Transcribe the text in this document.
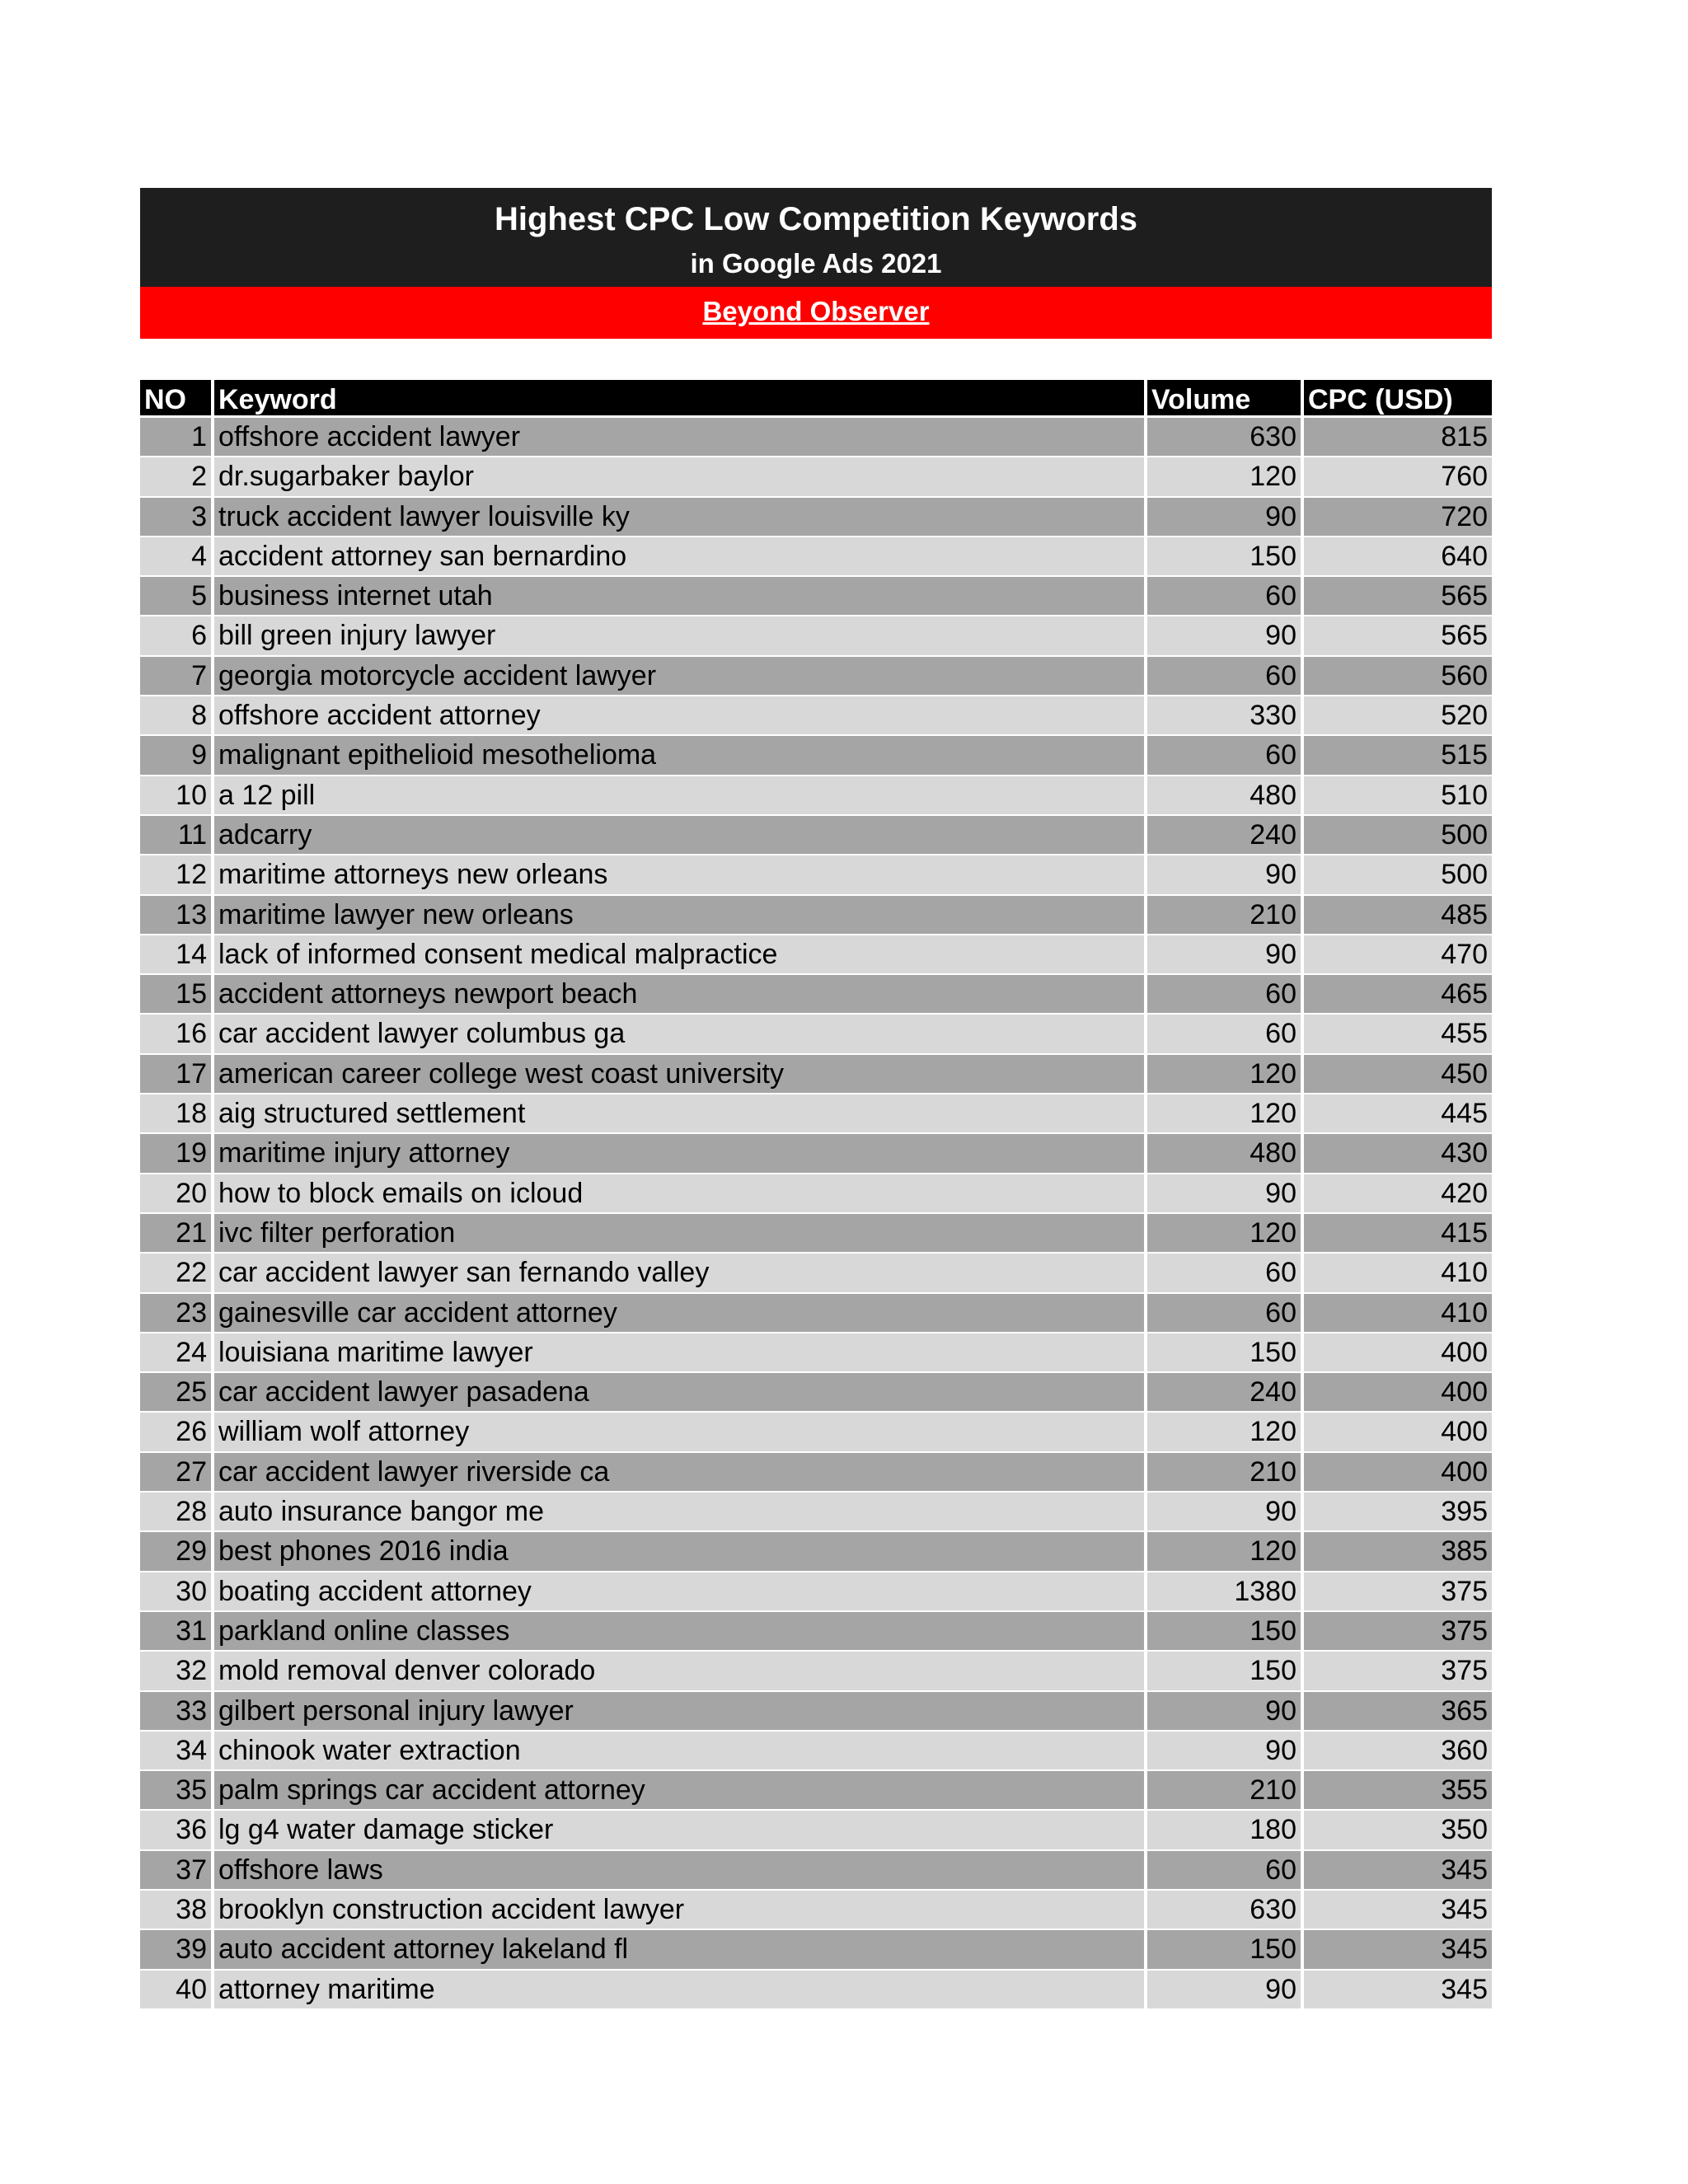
Highest CPC Low Competition Keywords
in Google Ads 2021
Beyond Observer
NO	Keyword	Volume	CPC (USD)
1 offshore accident lawyer	630	815
2 dr.sugarbaker baylor	120	760
3 truck accident lawyer louisville ky	90	720
4 accident attorney san bernardino	150	640
5 business internet utah	60	565
6 bill green injury lawyer	90	565
7 georgia motorcycle accident lawyer	60	560
8 offshore accident attorney	330	520
9 malignant epithelioid mesothelioma	60	515
10 a 12 pill	480	510
11 adcarry	240	500
12 maritime attorneys new orleans	90	500
13 maritime lawyer new orleans	210	485
14 lack of informed consent medical malpractice	90	470
15 accident attorneys newport beach	60	465
16 car accident lawyer columbus ga	60	455
17 american career college west coast university	120	450
18 aig structured settlement	120	445
19 maritime injury attorney	480	430
20 how to block emails on icloud	90	420
21 ivc filter perforation	120	415
22 car accident lawyer san fernando valley	60	410
23 gainesville car accident attorney	60	410
24 louisiana maritime lawyer	150	400
25 car accident lawyer pasadena	240	400
26 william wolf attorney	120	400
27 car accident lawyer riverside ca	210	400
28 auto insurance bangor me	90	395
29 best phones 2016 india	120	385
30 boating accident attorney	1380	375
31 parkland online classes	150	375
32 mold removal denver colorado	150	375
33 gilbert personal injury lawyer	90	365
34 chinook water extraction	90	360
35 palm springs car accident attorney	210	355
36 lg g4 water damage sticker	180	350
37 offshore laws	60	345
38 brooklyn construction accident lawyer	630	345
39 auto accident attorney lakeland fl	150	345
40 attorney maritime	90	345
